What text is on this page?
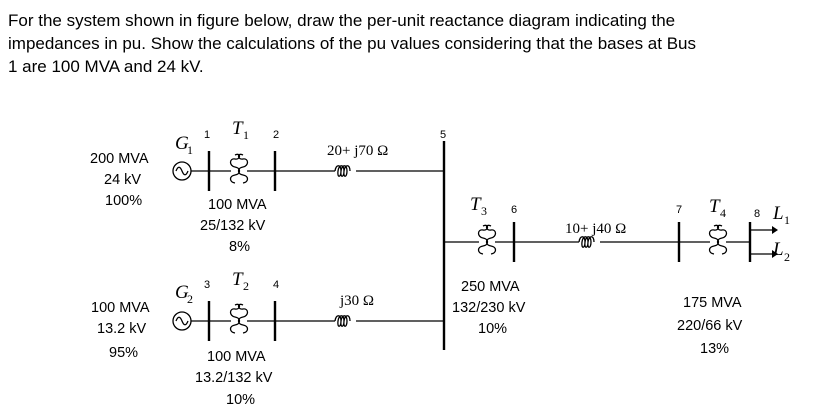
For the system shown in figure below, draw the per-unit reactance diagram indicating the
impedances in pu. Show the calculations of the pu values considering that the bases at Bus
1 are 100 MVA and 24 kV.
G
1
200 MVA
24 kV
100%
1 T 1
100 MVA
25/132 kV
8%
2
20+ j70 Ω
G
2
100 MVA
13.2 kV
95%
3 T 2
100 MVA
13.2/132 kV
10%
4
j30 Ω
5
T 3
250 MVA
132/230 kV
10%
6
10+ j40 Ω
7 T 4
175 MVA
220/66 kV
13%
8 L 1
L 2
